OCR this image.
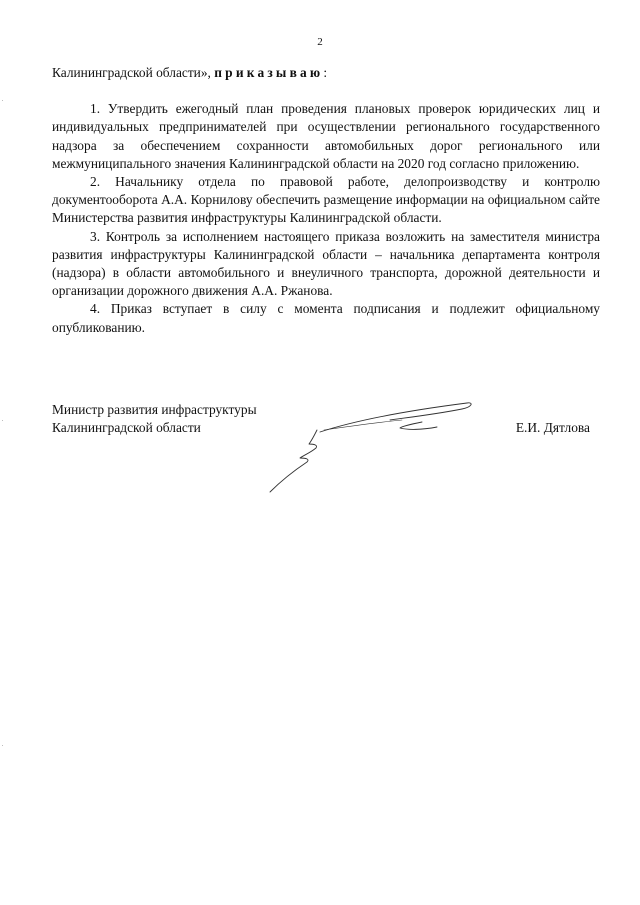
2

Калининградской области», приказываю:

1. Утвердить ежегодный план проведения плановых проверок юридических лиц и индивидуальных предпринимателей при осуществлении регионального государственного надзора за обеспечением сохранности автомобильных дорог регионального или межмуниципального значения Калининградской области на 2020 год согласно приложению.

2. Начальнику отдела по правовой работе, делопроизводству и контролю документооборота А.А. Корнилову обеспечить размещение информации на официальном сайте Министерства развития инфраструктуры Калининградской области.

3. Контроль за исполнением настоящего приказа возложить на заместителя министра развития инфраструктуры Калининградской области – начальника департамента контроля (надзора) в области автомобильного и внеуличного транспорта, дорожной деятельности и организации дорожного движения А.А. Ржанова.

4. Приказ вступает в силу с момента подписания и подлежит официальному опубликованию.

Министр развития инфраструктуры
Калининградской области	Е.И. Дятлова
